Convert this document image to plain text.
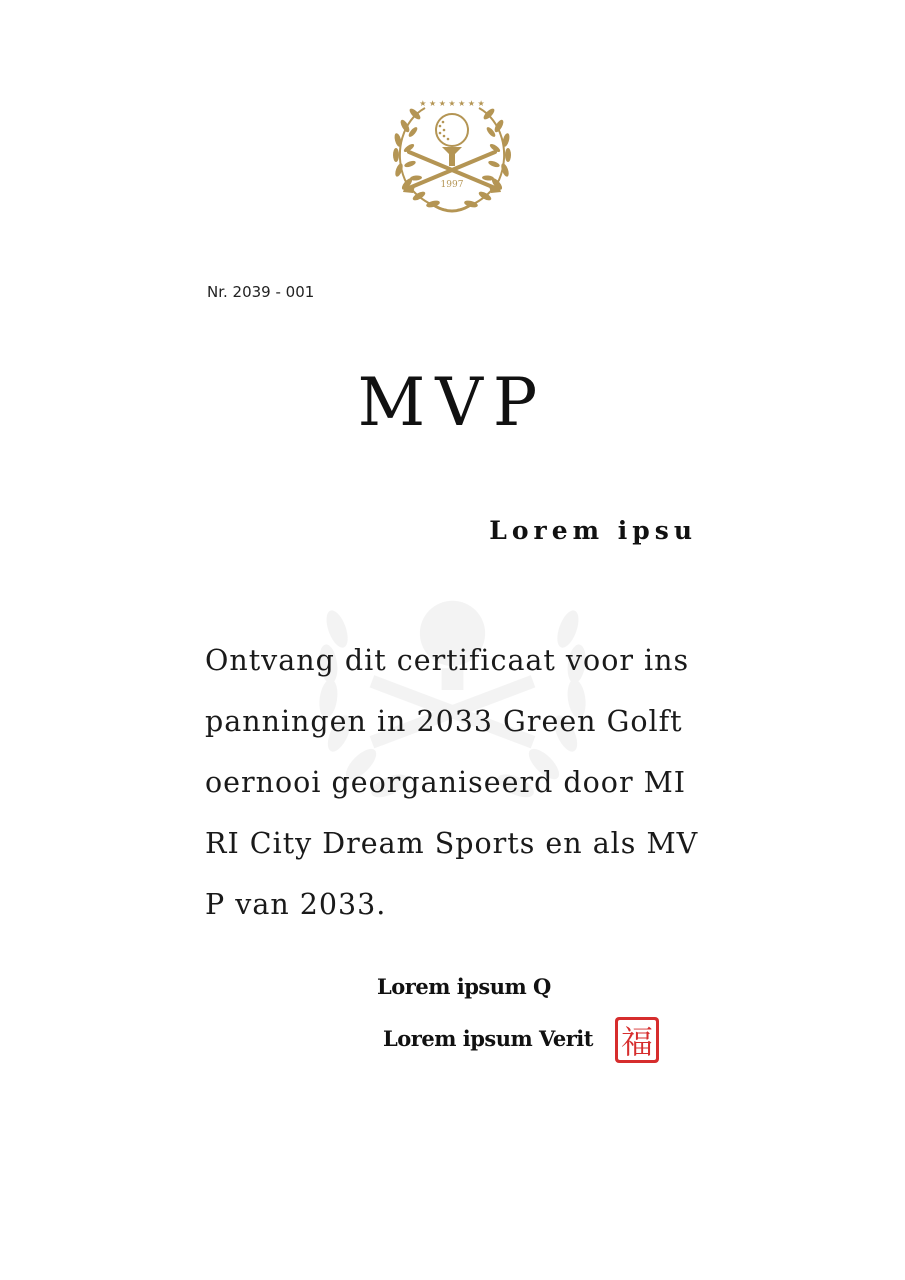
★ ★ ★ ★ ★ ★ ★
1997
Nr. 2039 - 001
MVP
Lorem ipsu
Ontvang dit certificaat voor ins
panningen in 2033 Green Golft
oernooi georganiseerd door MI
RI City Dream Sports en als MV
P van 2033.
Lorem ipsum Q
Lorem ipsum Verit 福
